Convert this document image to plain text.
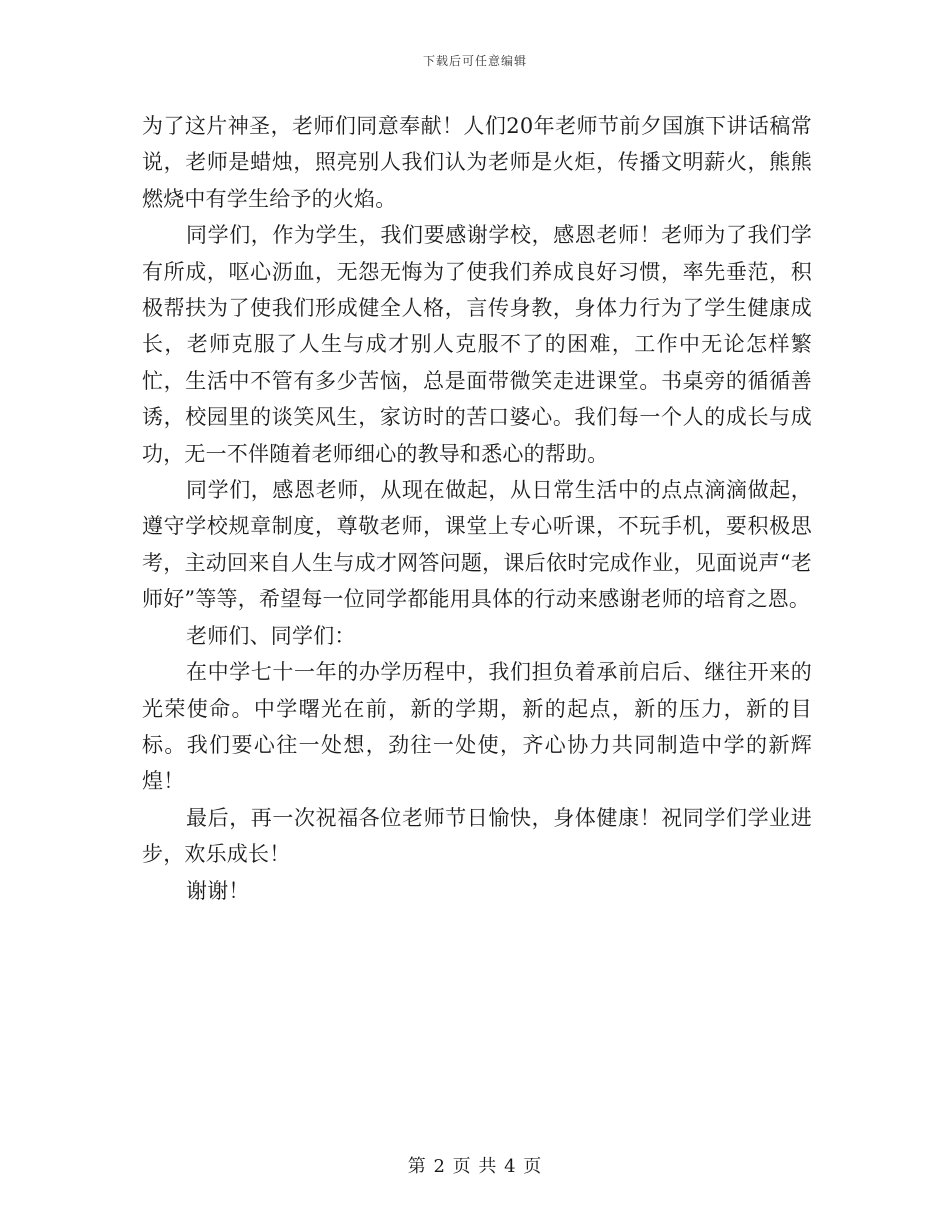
下载后可任意编辑

为了这片神圣，老师们同意奉献！人们20年老师节前夕国旗下讲话稿常说，老师是蜡烛，照亮别人我们认为老师是火炬，传播文明薪火，熊熊燃烧中有学生给予的火焰。

同学们，作为学生，我们要感谢学校，感恩老师！老师为了我们学有所成，呕心沥血，无怨无悔为了使我们养成良好习惯，率先垂范，积极帮扶为了使我们形成健全人格，言传身教，身体力行为了学生健康成长，老师克服了人生与成才别人克服不了的困难，工作中无论怎样繁忙，生活中不管有多少苦恼，总是面带微笑走进课堂。书桌旁的循循善诱，校园里的谈笑风生，家访时的苦口婆心。我们每一个人的成长与成功，无一不伴随着老师细心的教导和悉心的帮助。

同学们，感恩老师，从现在做起，从日常生活中的点点滴滴做起，遵守学校规章制度，尊敬老师，课堂上专心听课，不玩手机，要积极思考，主动回来自人生与成才网答问题，课后依时完成作业，见面说声“老师好”等等，希望每一位同学都能用具体的行动来感谢老师的培育之恩。

老师们、同学们：

在中学七十一年的办学历程中，我们担负着承前启后、继往开来的光荣使命。中学曙光在前，新的学期，新的起点，新的压力，新的目标。我们要心往一处想，劲往一处使，齐心协力共同制造中学的新辉煌！

最后，再一次祝福各位老师节日愉快，身体健康！祝同学们学业进步，欢乐成长！

谢谢！

第 2 页 共 4 页
